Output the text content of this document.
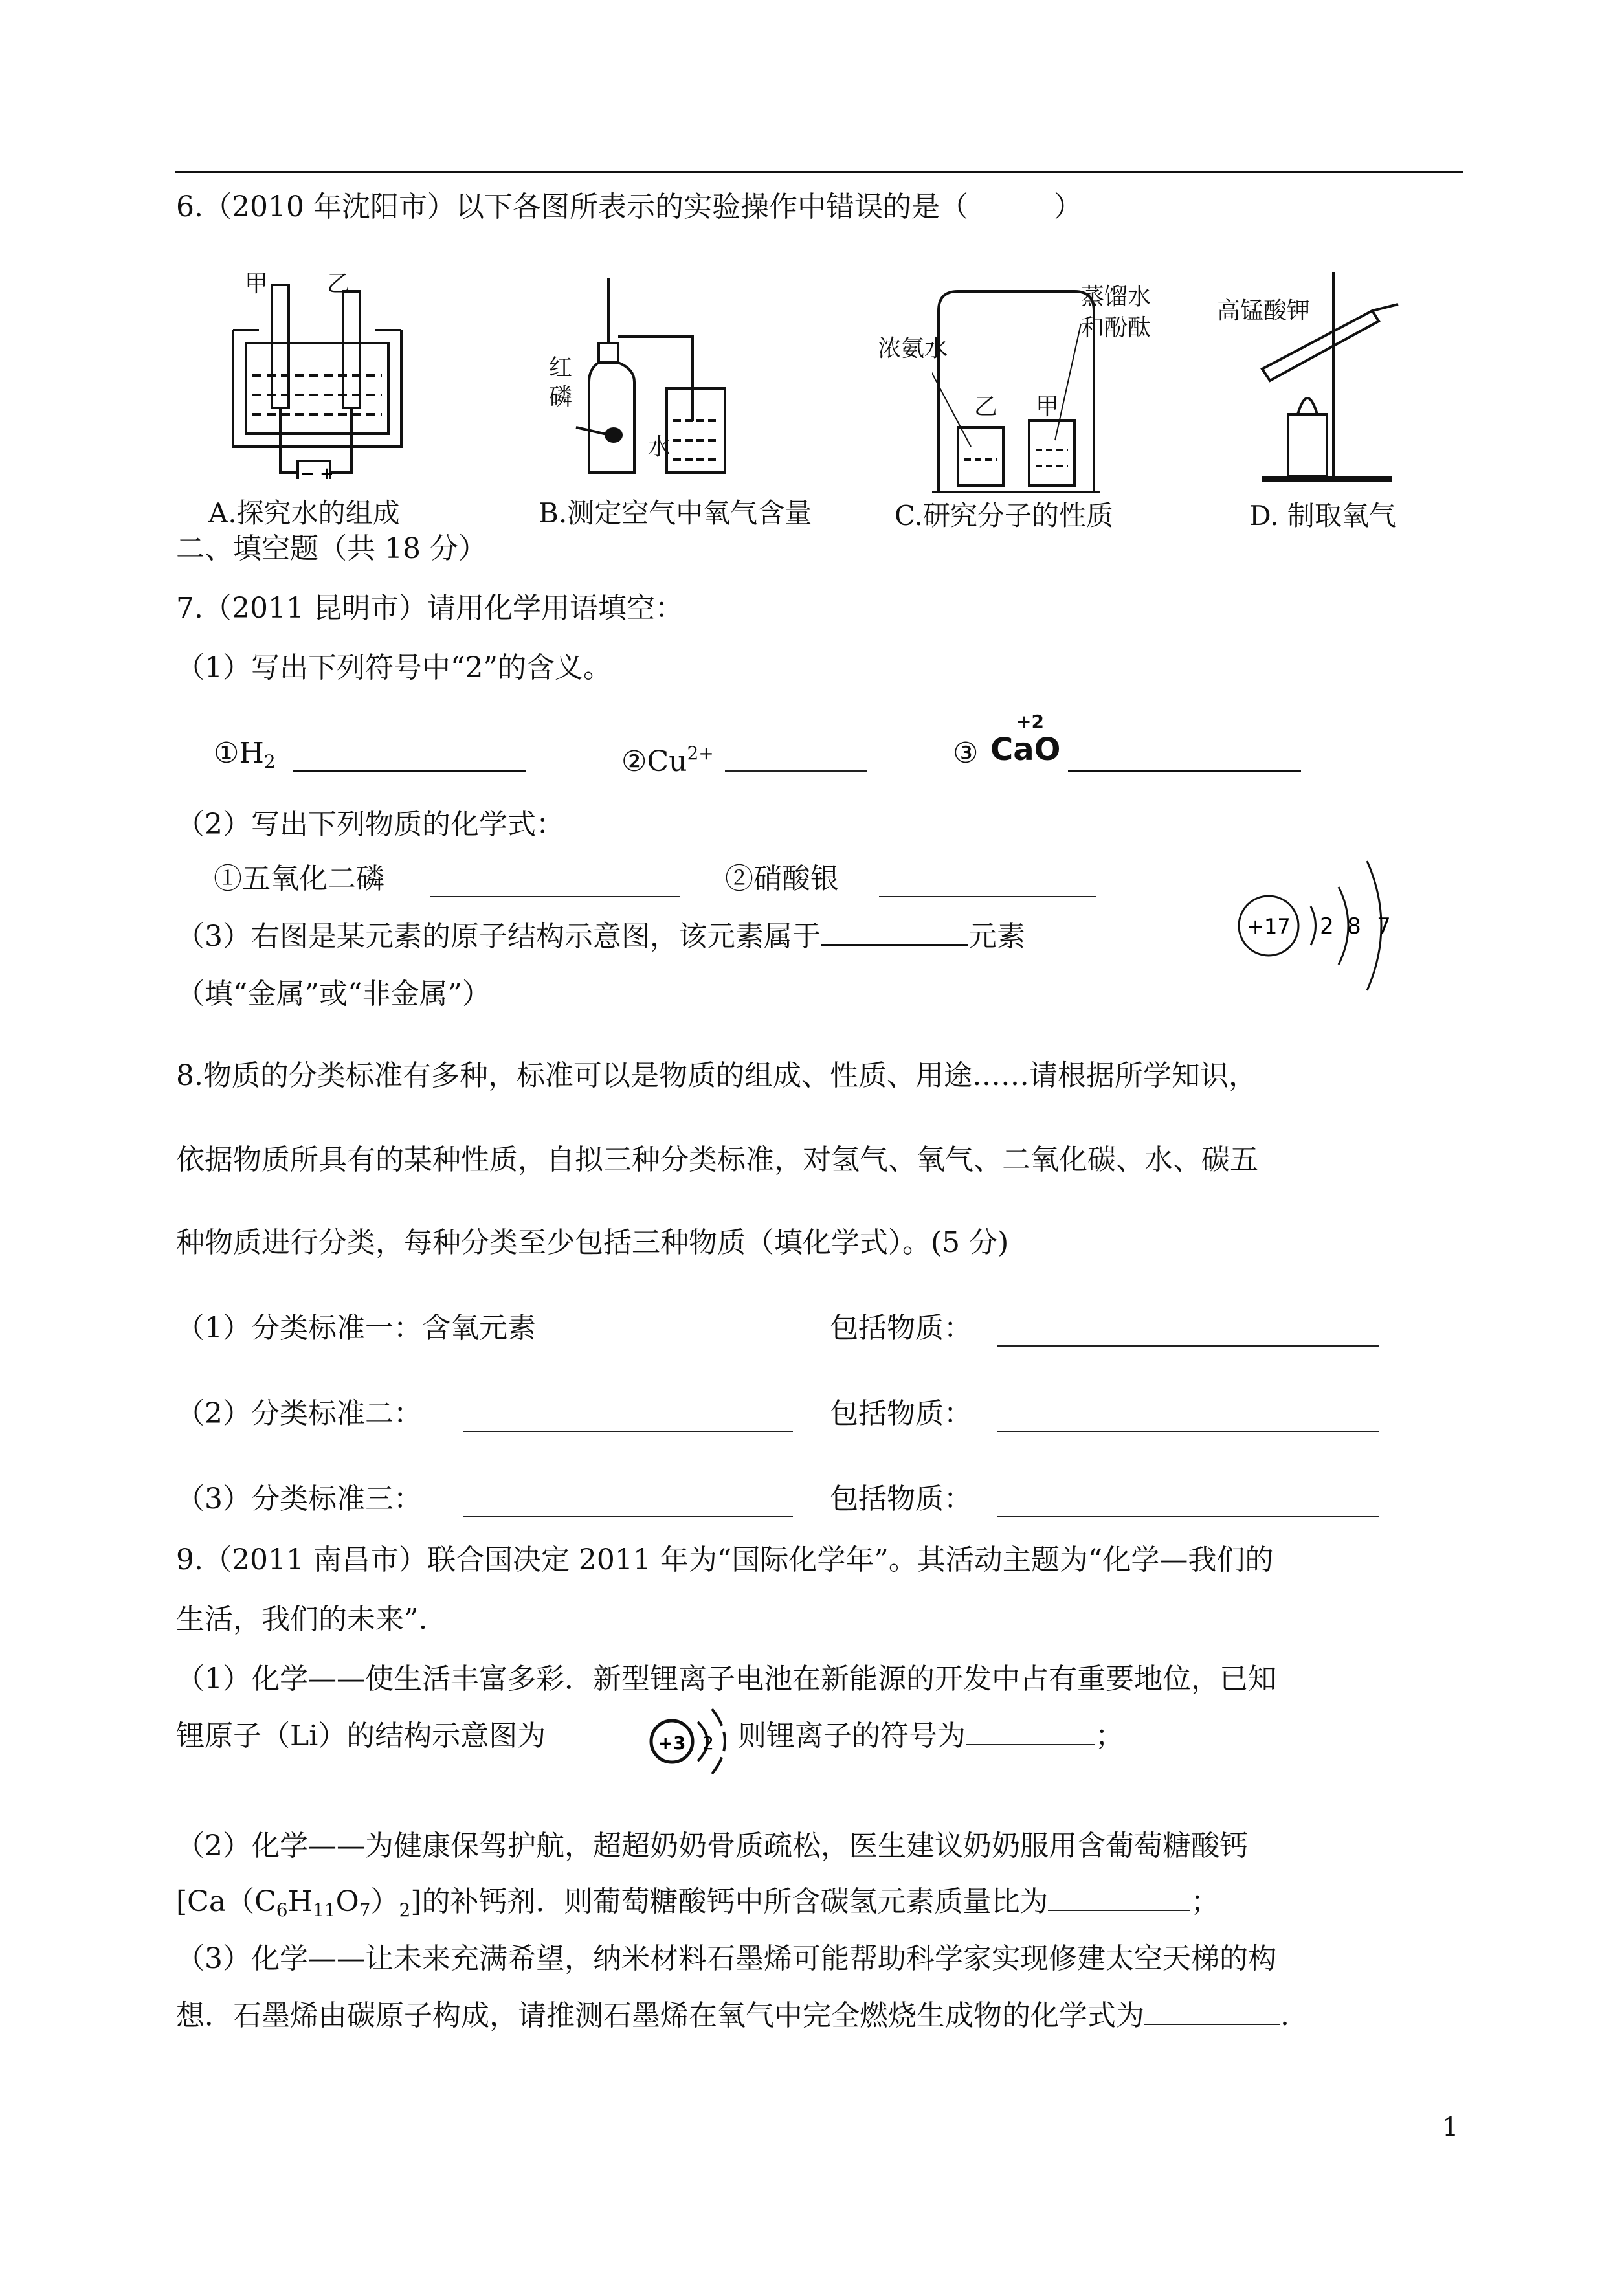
6.（2010 年沈阳市）以下各图所表示的实验操作中错误的是（　　　）
− +
甲	乙
A.探究水的组成
红
磷
水
B.测定空气中氧气含量
浓氨水
蒸馏水
和酚酞
乙 甲
C.研究分子的性质
高锰酸钾
D. 制取氧气
二、填空题（共 18 分）
7.（2011 昆明市）请用化学用语填空：
（1）写出下列符号中“2”的含义。
$①H_2$	$②Cu^{2+}$	③
+2
CaO
（2）写出下列物质的化学式：
①五氧化二磷	②硝酸银
（3）右图是某元素的原子结构示意图，该元素属于	元素
（填“金属”或“非金属”）
+17 2 8 7
8.物质的分类标准有多种，标准可以是物质的组成、性质、用途……请根据所学知识，
依据物质所具有的某种性质，自拟三种分类标准，对氢气、氧气、二氧化碳、水、碳五
种物质进行分类，每种分类至少包括三种物质（填化学式）。(5 分)
（1）分类标准一：含氧元素	包括物质：
（2）分类标准二：	包括物质：
（3）分类标准三：	包括物质：
9.（2011 南昌市）联合国决定 2011 年为“国际化学年”。其活动主题为“化学—我们的
生活，我们的未来”.
（1）化学——使生活丰富多彩．新型锂离子电池在新能源的开发中占有重要地位，已知
锂原子（Li）的结构示意图为	+3 2 则锂离子的符号为	；
（2）化学——为健康保驾护航，超超奶奶骨质疏松，医生建议奶奶服用含葡萄糖酸钙
$[Ca(C_6H_{11}O_7)_2]$的补钙剂．则葡萄糖酸钙中所含碳氢元素质量比为	；
（3）化学——让未来充满希望，纳米材料石墨烯可能帮助科学家实现修建太空天梯的构
想．石墨烯由碳原子构成，请推测石墨烯在氧气中完全燃烧生成物的化学式为	.
1
